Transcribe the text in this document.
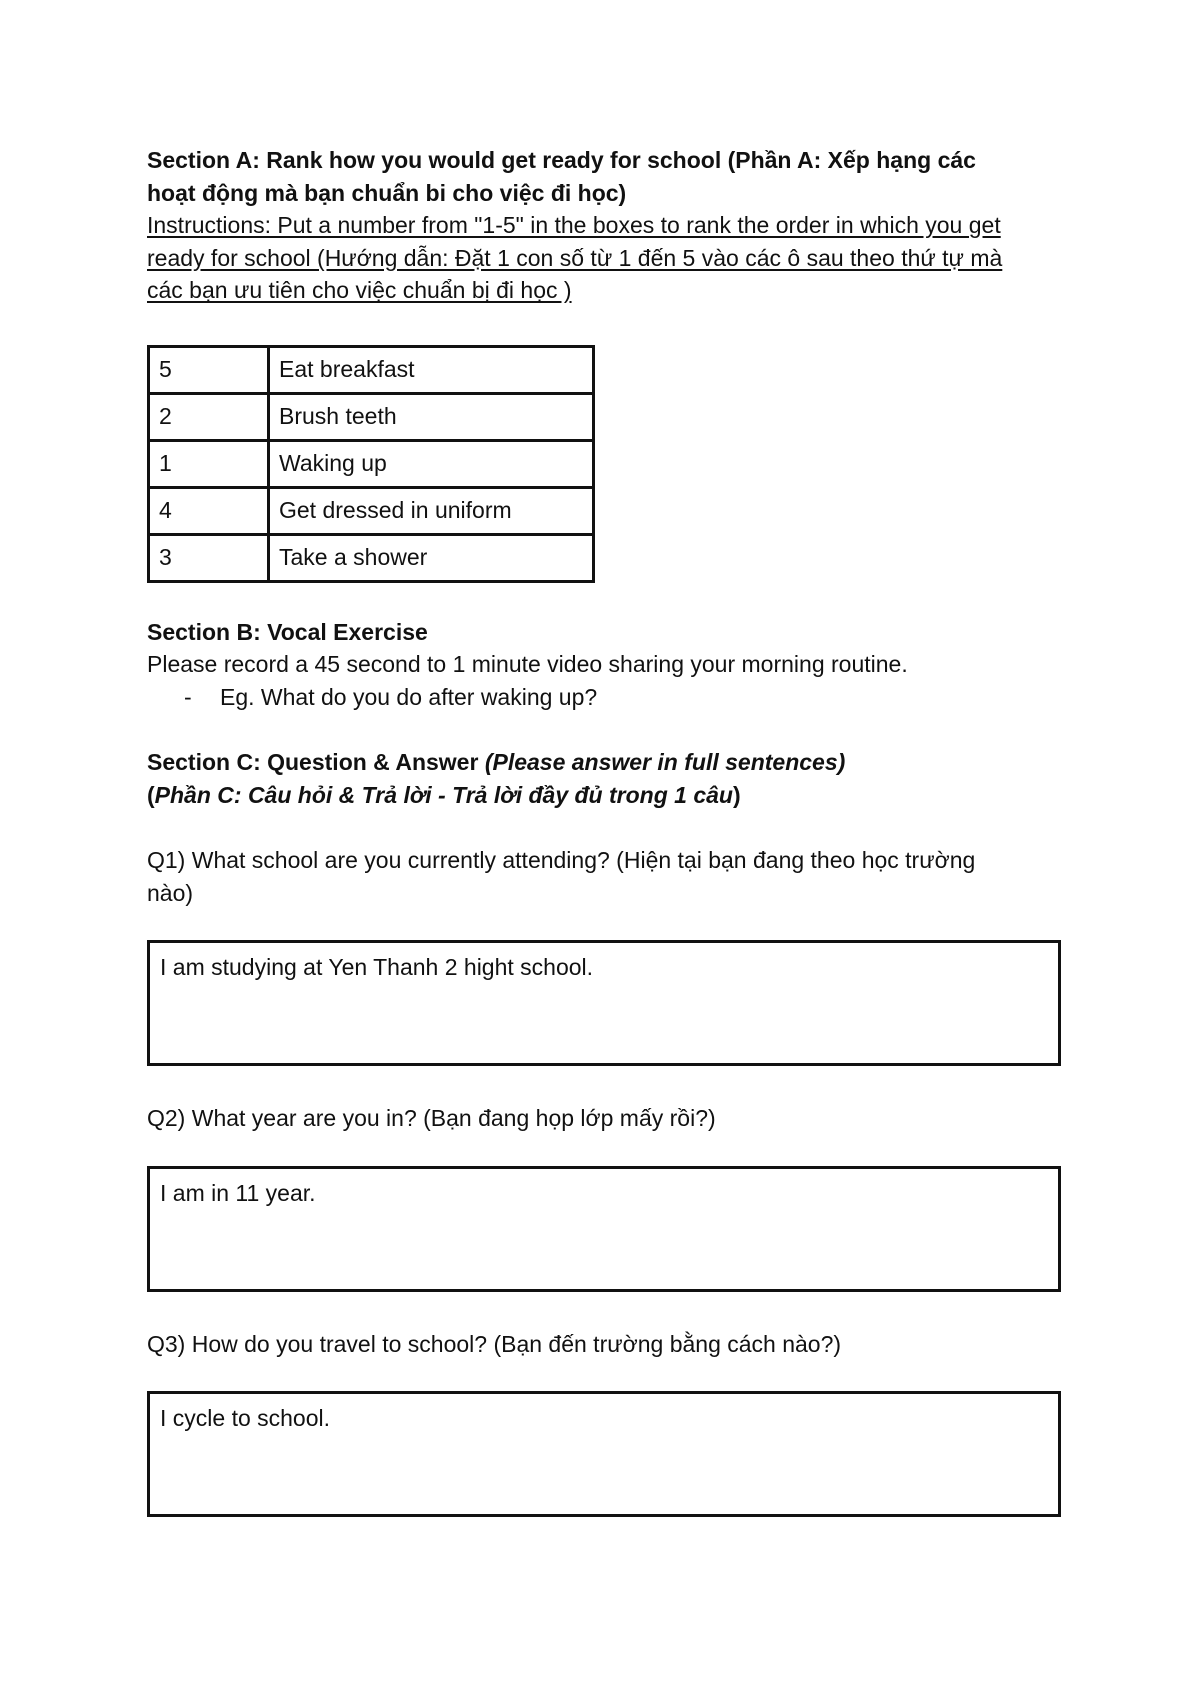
Section A: Rank how you would get ready for school (Phần A: Xếp hạng các
hoạt động mà bạn chuẩn bi cho việc đi học)
Instructions: Put a number from "1-5" in the boxes to rank the order in which you get
ready for school (Hướng dẫn: Đặt 1 con số từ 1 đến 5 vào các ô sau theo thứ tự mà
các bạn ưu tiên cho việc chuẩn bị đi học )
5	Eat breakfast
2	Brush teeth
1	Waking up
4	Get dressed in uniform
3	Take a shower
Section B: Vocal Exercise
Please record a 45 second to 1 minute video sharing your morning routine.
- Eg. What do you do after waking up?
Section C: Question & Answer (Please answer in full sentences)
(Phần C: Câu hỏi & Trả lời - Trả lời đầy đủ trong 1 câu)
Q1) What school are you currently attending? (Hiện tại bạn đang theo học trường
nào)
I am studying at Yen Thanh 2 hight school.
Q2) What year are you in? (Bạn đang họp lớp mấy rồi?)
I am in 11 year.
Q3) How do you travel to school? (Bạn đến trường bằng cách nào?)
I cycle to school.
